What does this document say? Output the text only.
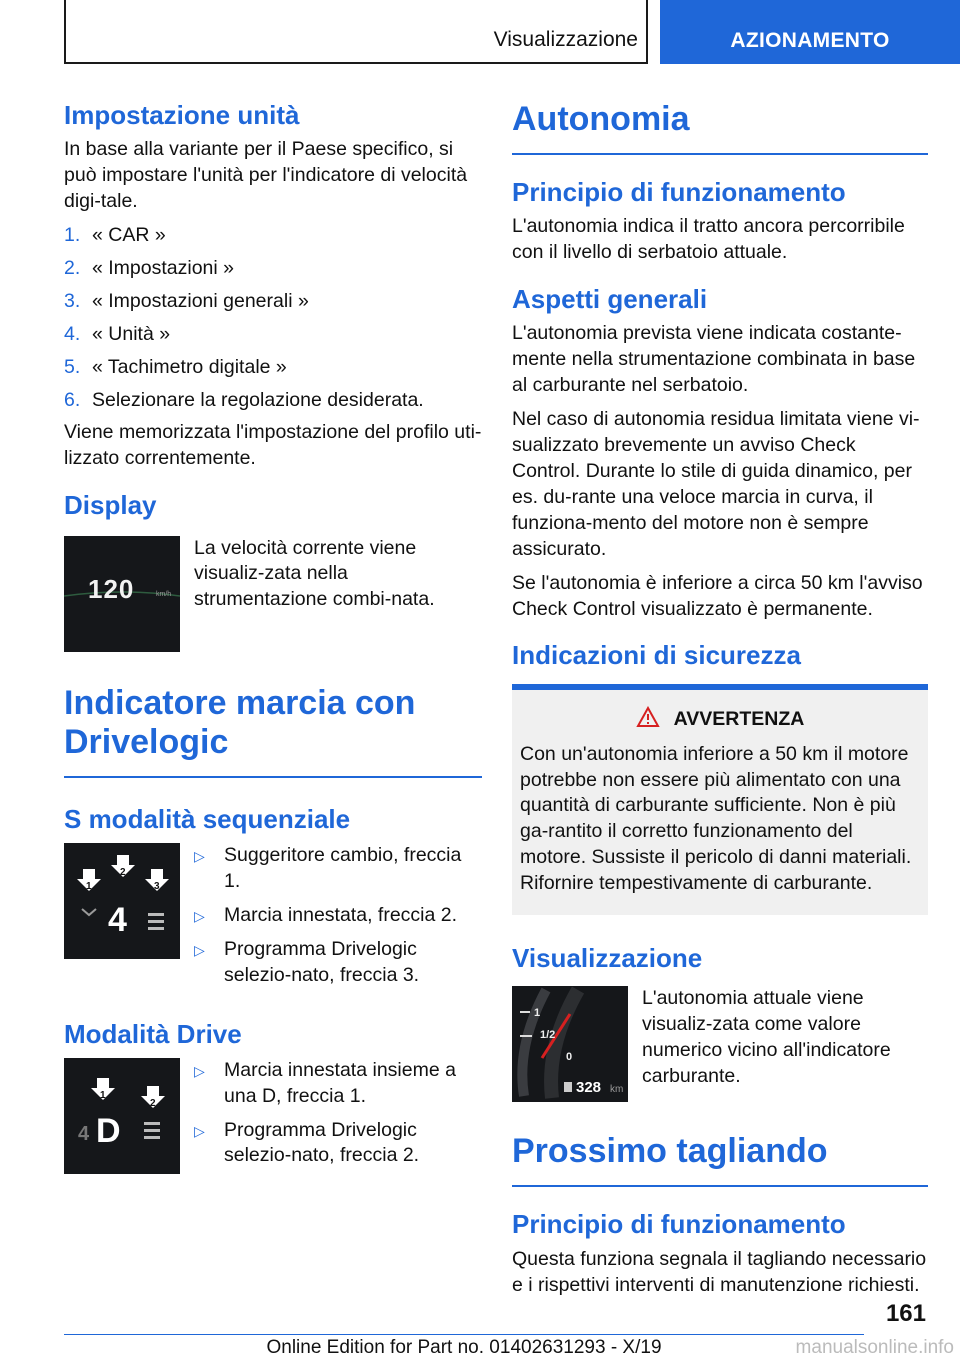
Visualizzazione	AZIONAMENTO
Impostazione unità

In base alla variante per il Paese specifico, si può impostare l'unità per l'indicatore di velocità digi-tale.

1. « CAR »
2. « Impostazioni »
3. « Impostazioni generali »
4. « Unità »
5. « Tachimetro digitale »
6. Selezionare la regolazione desiderata.

Viene memorizzata l'impostazione del profilo uti-lizzato correntemente.

Display
120	km/h

La velocità corrente viene visualiz-zata nella strumentazione combi-nata.

Indicatore marcia con Drivelogic
S modalità sequenziale
1
2
3
4
▷ Suggeritore cambio, freccia 1.
▷ Marcia innestata, freccia 2.
▷ Programma Drivelogic selezio-nato, freccia 3.
Modalità Drive
1
2
4 D
▷ Marcia innestata insieme a una D, freccia 1.
▷ Programma Drivelogic selezio-nato, freccia 2.
Autonomia
Principio di funzionamento

L'autonomia indica il tratto ancora percorribile con il livello di serbatoio attuale.

Aspetti generali

L'autonomia prevista viene indicata costante-mente nella strumentazione combinata in base al carburante nel serbatoio.

Nel caso di autonomia residua limitata viene vi-sualizzato brevemente un avviso Check Control. Durante lo stile di guida dinamico, per es. du-rante una veloce marcia in curva, il funziona-mento del motore non è sempre assicurato.

Se l'autonomia è inferiore a circa 50 km l'avviso Check Control visualizzato è permanente.

Indicazioni di sicurezza
AVVERTENZA

Con un'autonomia inferiore a 50 km il motore potrebbe non essere più alimentato con una quantità di carburante sufficiente. Non è più ga-rantito il corretto funzionamento del motore. Sussiste il pericolo di danni materiali. Rifornire tempestivamente di carburante.

Visualizzazione
1
1/2
0
328 km

L'autonomia attuale viene visualiz-zata come valore numerico vicino all'indicatore carburante.

Prossimo tagliando
Principio di funzionamento

Questa funziona segnala il tagliando necessario e i rispettivi interventi di manutenzione richiesti.

161
Online Edition for Part no. 01402631293 - X/19	manualsonline.info
